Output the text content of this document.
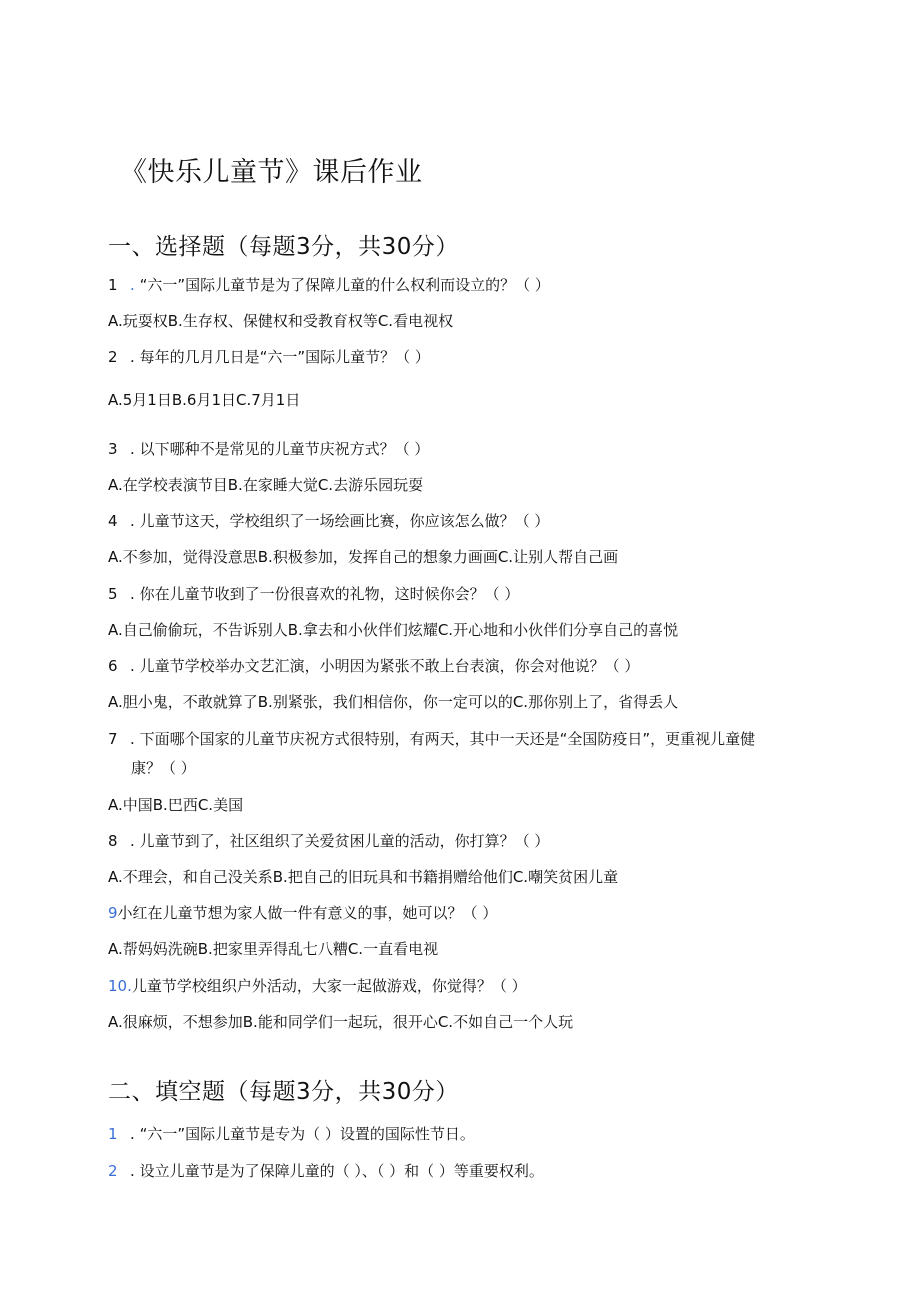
《快乐儿童节》课后作业
一、选择题（每题3分，共30分）
1 . “六一”国际儿童节是为了保障儿童的什么权利而设立的？（ ）
A.玩耍权B.生存权、保健权和受教育权等C.看电视权
2 . 每年的几月几日是“六一”国际儿童节？（ ）
A.5月1日B.6月1日C.7月1日
3 . 以下哪种不是常见的儿童节庆祝方式？（ ）
A.在学校表演节目B.在家睡大觉C.去游乐园玩耍
4 . 儿童节这天，学校组织了一场绘画比赛，你应该怎么做？（ ）
A.不参加，觉得没意思B.积极参加，发挥自己的想象力画画C.让别人帮自己画
5 . 你在儿童节收到了一份很喜欢的礼物，这时候你会？（ ）
A.自己偷偷玩，不告诉别人B.拿去和小伙伴们炫耀C.开心地和小伙伴们分享自己的喜悦
6 . 儿童节学校举办文艺汇演，小明因为紧张不敢上台表演，你会对他说？（ ）
A.胆小鬼，不敢就算了B.别紧张，我们相信你，你一定可以的C.那你别上了，省得丢人
7 . 下面哪个国家的儿童节庆祝方式很特别，有两天，其中一天还是“全国防疫日”，更重视儿童健
康？（ ）
A.中国B.巴西C.美国
8 . 儿童节到了，社区组织了关爱贫困儿童的活动，你打算？（ ）
A.不理会，和自己没关系B.把自己的旧玩具和书籍捐赠给他们C.嘲笑贫困儿童
9小红在儿童节想为家人做一件有意义的事，她可以？（ ）
A.帮妈妈洗碗B.把家里弄得乱七八糟C.一直看电视
10.儿童节学校组织户外活动，大家一起做游戏，你觉得？（ ）
A.很麻烦，不想参加B.能和同学们一起玩，很开心C.不如自己一个人玩
二、填空题（每题3分，共30分）
1 . “六一”国际儿童节是专为（ ）设置的国际性节日。
2 . 设立儿童节是为了保障儿童的（ ）、（ ）和（ ）等重要权利。
